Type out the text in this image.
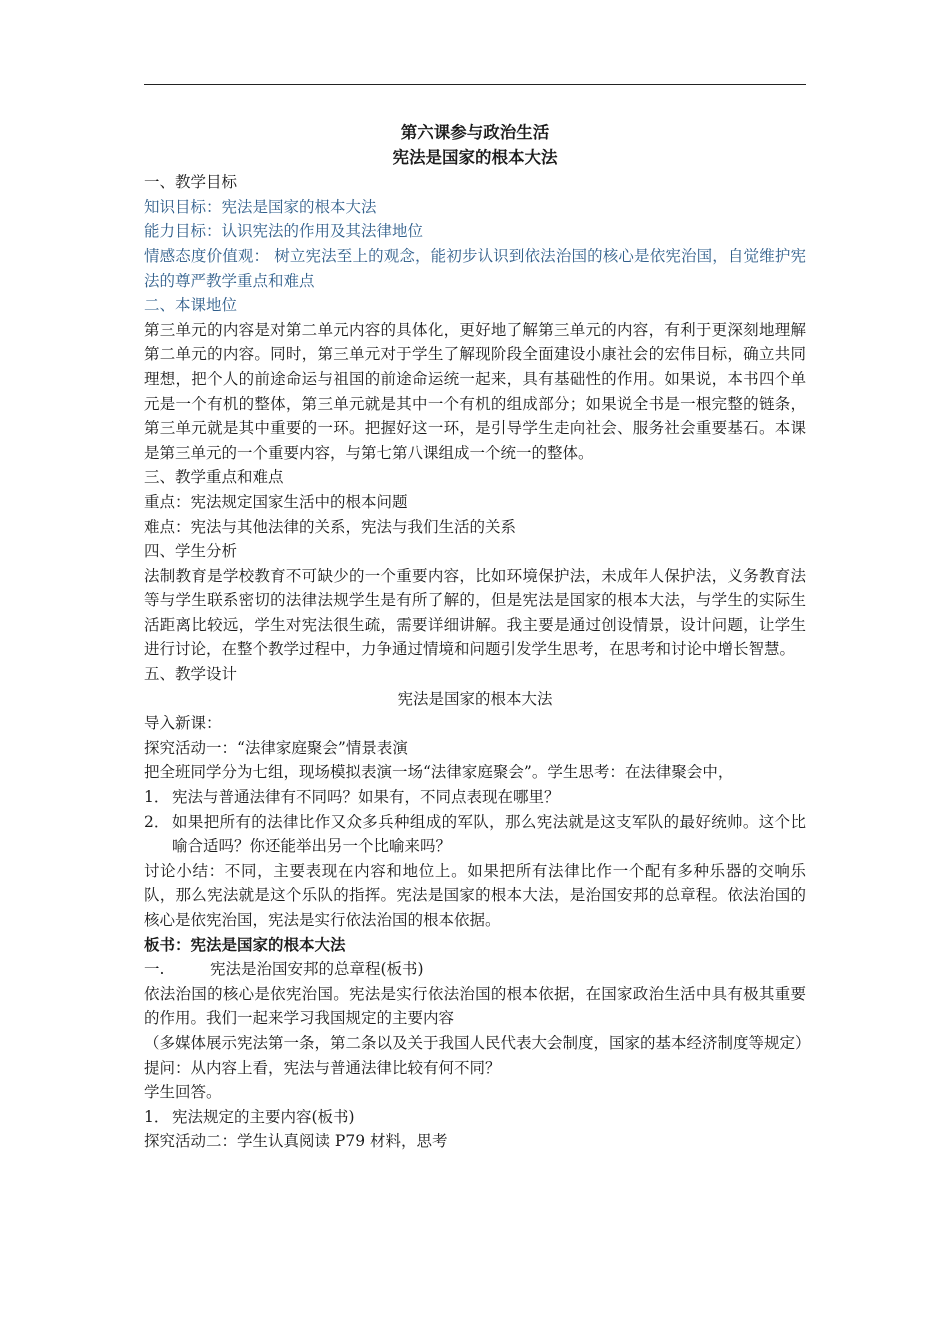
第六课参与政治生活

宪法是国家的根本大法

一、教学目标

知识目标：宪法是国家的根本大法

能力目标：认识宪法的作用及其法律地位

情感态度价值观： 树立宪法至上的观念，能初步认识到依法治国的核心是依宪治国，自觉维护宪法的尊严教学重点和难点

二、本课地位

第三单元的内容是对第二单元内容的具体化，更好地了解第三单元的内容，有利于更深刻地理解第二单元的内容。同时，第三单元对于学生了解现阶段全面建设小康社会的宏伟目标，确立共同理想，把个人的前途命运与祖国的前途命运统一起来，具有基础性的作用。如果说，本书四个单元是一个有机的整体，第三单元就是其中一个有机的组成部分；如果说全书是一根完整的链条，第三单元就是其中重要的一环。把握好这一环，是引导学生走向社会、服务社会重要基石。本课是第三单元的一个重要内容，与第七第八课组成一个统一的整体。

三、教学重点和难点

重点：宪法规定国家生活中的根本问题

难点：宪法与其他法律的关系，宪法与我们生活的关系

四、学生分析

法制教育是学校教育不可缺少的一个重要内容，比如环境保护法，未成年人保护法，义务教育法等与学生联系密切的法律法规学生是有所了解的，但是宪法是国家的根本大法，与学生的实际生活距离比较远，学生对宪法很生疏，需要详细讲解。我主要是通过创设情景，设计问题，让学生进行讨论，在整个教学过程中，力争通过情境和问题引发学生思考，在思考和讨论中增长智慧。

五、教学设计

宪法是国家的根本大法

导入新课：

探究活动一：“法律家庭聚会”情景表演

把全班同学分为七组，现场模拟表演一场“法律家庭聚会”。学生思考：在法律聚会中，

1． 宪法与普通法律有不同吗？如果有，不同点表现在哪里？
2． 如果把所有的法律比作又众多兵种组成的军队，那么宪法就是这支军队的最好统帅。这个比喻合适吗？你还能举出另一个比喻来吗？

讨论小结：不同，主要表现在内容和地位上。如果把所有法律比作一个配有多种乐器的交响乐队，那么宪法就是这个乐队的指挥。宪法是国家的根本大法，是治国安邦的总章程。依法治国的核心是依宪治国，宪法是实行依法治国的根本依据。

板书：宪法是国家的根本大法

一.	宪法是治国安邦的总章程(板书)

依法治国的核心是依宪治国。宪法是实行依法治国的根本依据，在国家政治生活中具有极其重要的作用。我们一起来学习我国规定的主要内容

（多媒体展示宪法第一条，第二条以及关于我国人民代表大会制度，国家的基本经济制度等规定）

提问：从内容上看，宪法与普通法律比较有何不同？

学生回答。

1． 宪法规定的主要内容(板书)

探究活动二：学生认真阅读 P79 材料，思考
